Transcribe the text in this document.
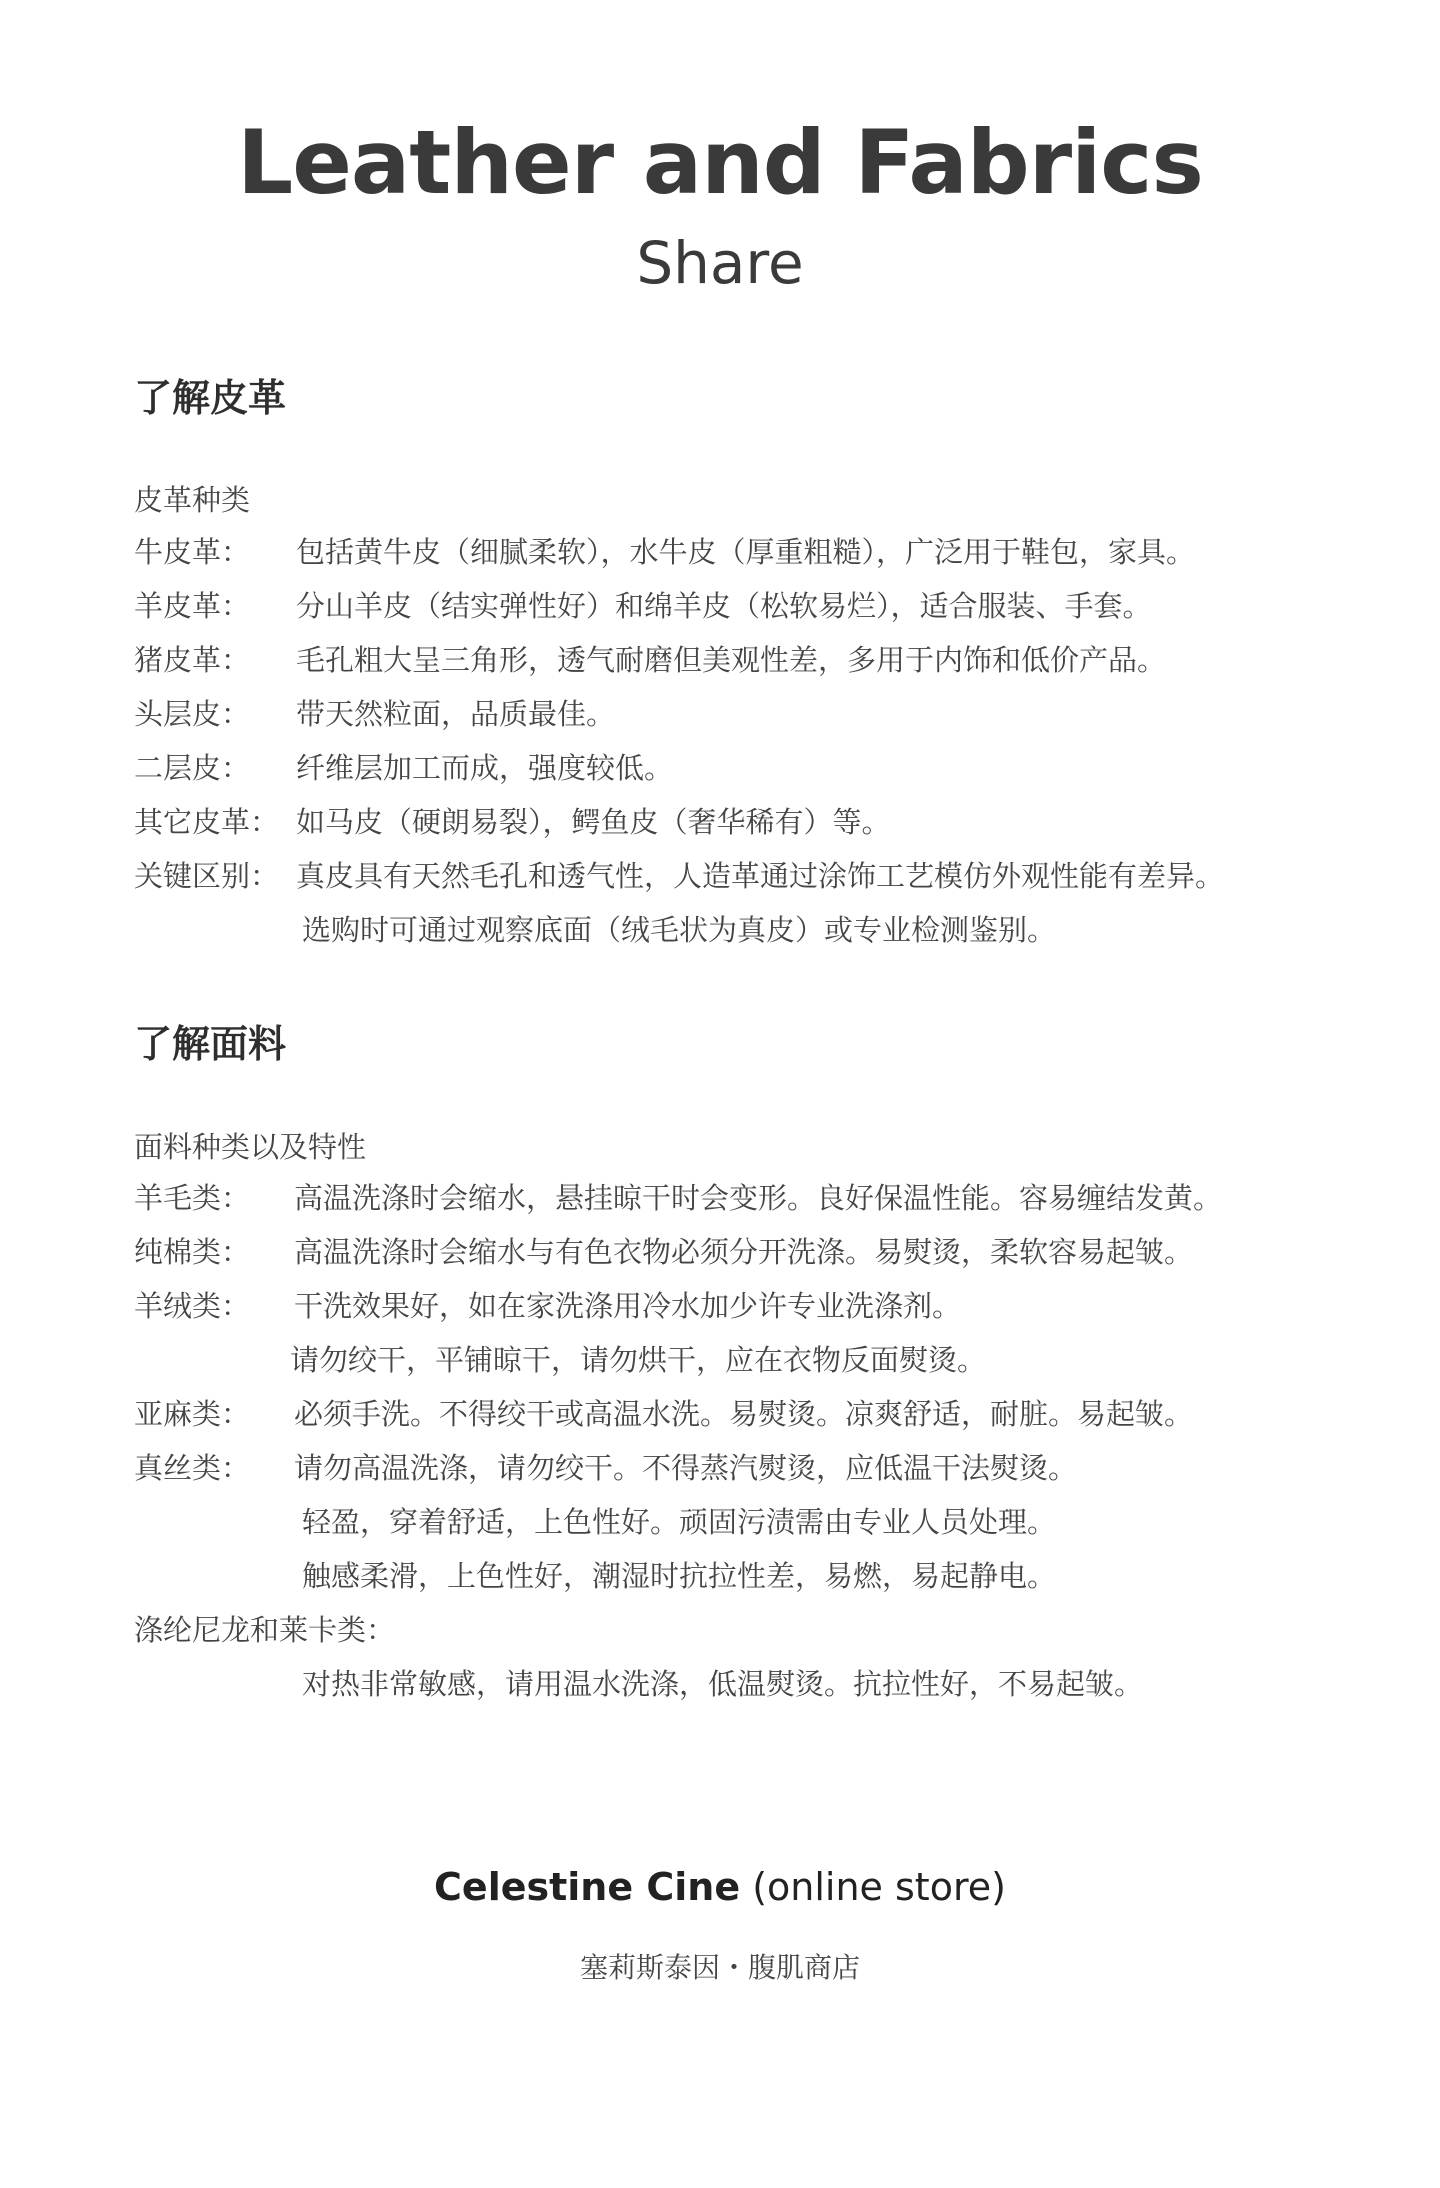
Leather and Fabrics
Share
了解皮革
皮革种类
牛皮革： 包括黄牛皮（细腻柔软），水牛皮（厚重粗糙），广泛用于鞋包，家具。
羊皮革： 分山羊皮（结实弹性好）和绵羊皮（松软易烂），适合服装、手套。
猪皮革： 毛孔粗大呈三角形，透气耐磨但美观性差，多用于内饰和低价产品。
头层皮： 带天然粒面，品质最佳。
二层皮： 纤维层加工而成，强度较低。
其它皮革： 如马皮（硬朗易裂），鳄鱼皮（奢华稀有）等。
关键区别： 真皮具有天然毛孔和透气性，人造革通过涂饰工艺模仿外观性能有差异。
选购时可通过观察底面（绒毛状为真皮）或专业检测鉴别。
了解面料
面料种类以及特性
羊毛类： 高温洗涤时会缩水，悬挂晾干时会变形。良好保温性能。容易缠结发黄。
纯棉类： 高温洗涤时会缩水与有色衣物必须分开洗涤。易熨烫，柔软容易起皱。
羊绒类： 干洗效果好，如在家洗涤用冷水加少许专业洗涤剂。
请勿绞干，平铺晾干，请勿烘干，应在衣物反面熨烫。
亚麻类： 必须手洗。不得绞干或高温水洗。易熨烫。凉爽舒适，耐脏。易起皱。
真丝类： 请勿高温洗涤，请勿绞干。不得蒸汽熨烫，应低温干法熨烫。
轻盈，穿着舒适，上色性好。顽固污渍需由专业人员处理。
触感柔滑，上色性好，潮湿时抗拉性差，易燃，易起静电。
涤纶尼龙和莱卡类：
对热非常敏感，请用温水洗涤，低温熨烫。抗拉性好，不易起皱。
Celestine Cine (online store)
塞莉斯泰因・腹肌商店
